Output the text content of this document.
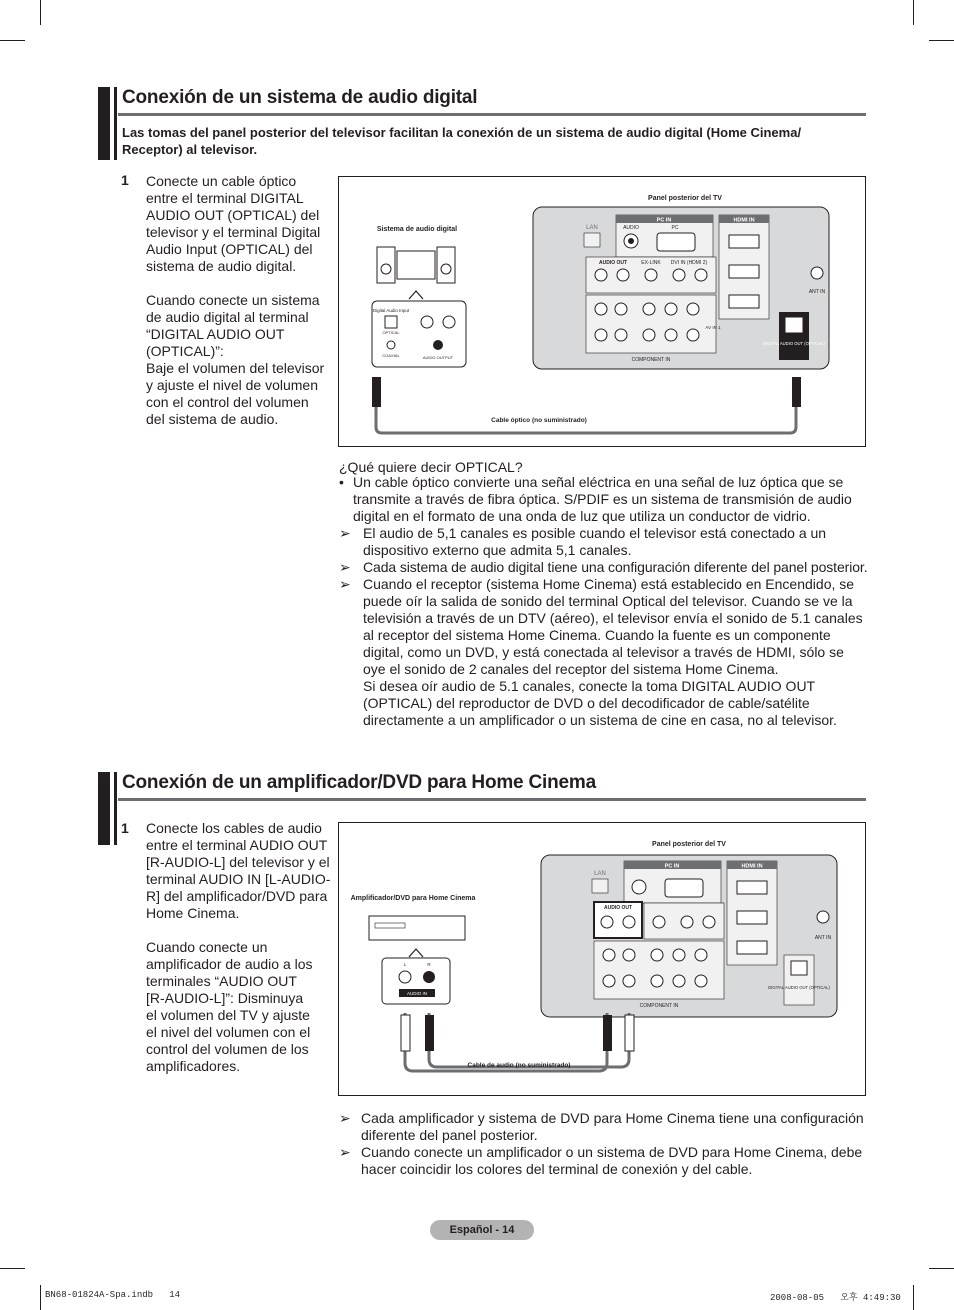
Conexión de un sistema de audio digital
Las tomas del panel posterior del televisor facilitan la conexión de un sistema de audio digital (Home Cinema/ Receptor) al televisor.
1 Conecte un cable óptico
entre el terminal DIGITAL
AUDIO OUT (OPTICAL) del
televisor y el terminal Digital
Audio Input (OPTICAL) del
sistema de audio digital.

Cuando conecte un sistema
de audio digital al terminal
“DIGITAL AUDIO OUT
(OPTICAL)”:
Baje el volumen del televisor
y ajuste el nivel de volumen
con el control del volumen
del sistema de audio.
Panel posterior del TV
LAN
PC IN
AUDIO	PC
HDMI IN
AUDIO OUT	EX-LINK DVI IN (HDMI 2)
COMPONENT IN
AV IN 1
ANT IN
DIGITAL AUDIO OUT (OPTICAL)
Sistema de audio digital
Digital Audio Input
OPTICAL
COAXIAL	AUDIO OUTPUT
Cable óptico (no suministrado)
¿Qué quiere decir OPTICAL?
• Un cable óptico convierte una señal eléctrica en una señal de luz óptica que se transmite a través de fibra óptica. S/PDIF es un sistema de transmisión de audio digital en el formato de una onda de luz que utiliza un conductor de vidrio.
➢ El audio de 5,1 canales es posible cuando el televisor está conectado a un dispositivo externo que admita 5,1 canales.
➢ Cada sistema de audio digital tiene una configuración diferente del panel posterior.
➢ Cuando el receptor (sistema Home Cinema) está establecido en Encendido, se puede oír la salida de sonido del terminal Optical del televisor. Cuando se ve la televisión a través de un DTV (aéreo), el televisor envía el sonido de 5.1 canales al receptor del sistema Home Cinema. Cuando la fuente es un componente digital, como un DVD, y está conectada al televisor a través de HDMI, sólo se oye el sonido de 2 canales del receptor del sistema Home Cinema.
Si desea oír audio de 5.1 canales, conecte la toma DIGITAL AUDIO OUT (OPTICAL) del reproductor de DVD o del decodificador de cable/satélite directamente a un amplificador o un sistema de cine en casa, no al televisor.
Conexión de un amplificador/DVD para Home Cinema
1 Conecte los cables de audio
entre el terminal AUDIO OUT
[R-AUDIO-L] del televisor y el
terminal AUDIO IN [L-AUDIO-
R] del amplificador/DVD para
Home Cinema.

Cuando conecte un
amplificador de audio a los
terminales “AUDIO OUT
[R-AUDIO-L]”: Disminuya
el volumen del TV y ajuste
el nivel del volumen con el
control del volumen de los
amplificadores.
Panel posterior del TV
LAN
PC IN	HDMI IN
AUDIO OUT
COMPONENT IN
ANT IN
DIGITAL AUDIO OUT (OPTICAL)
Amplificador/DVD para Home Cinema
L	R
AUDIO IN
Cable de audio (no suministrado)
➢ Cada amplificador y sistema de DVD para Home Cinema tiene una configuración diferente del panel posterior.
➢ Cuando conecte un amplificador o un sistema de DVD para Home Cinema, debe hacer coincidir los colores del terminal de conexión y del cable.
Español - 14
BN68-01824A-Spa.indb   14	2008-08-05   오후 4:49:30
